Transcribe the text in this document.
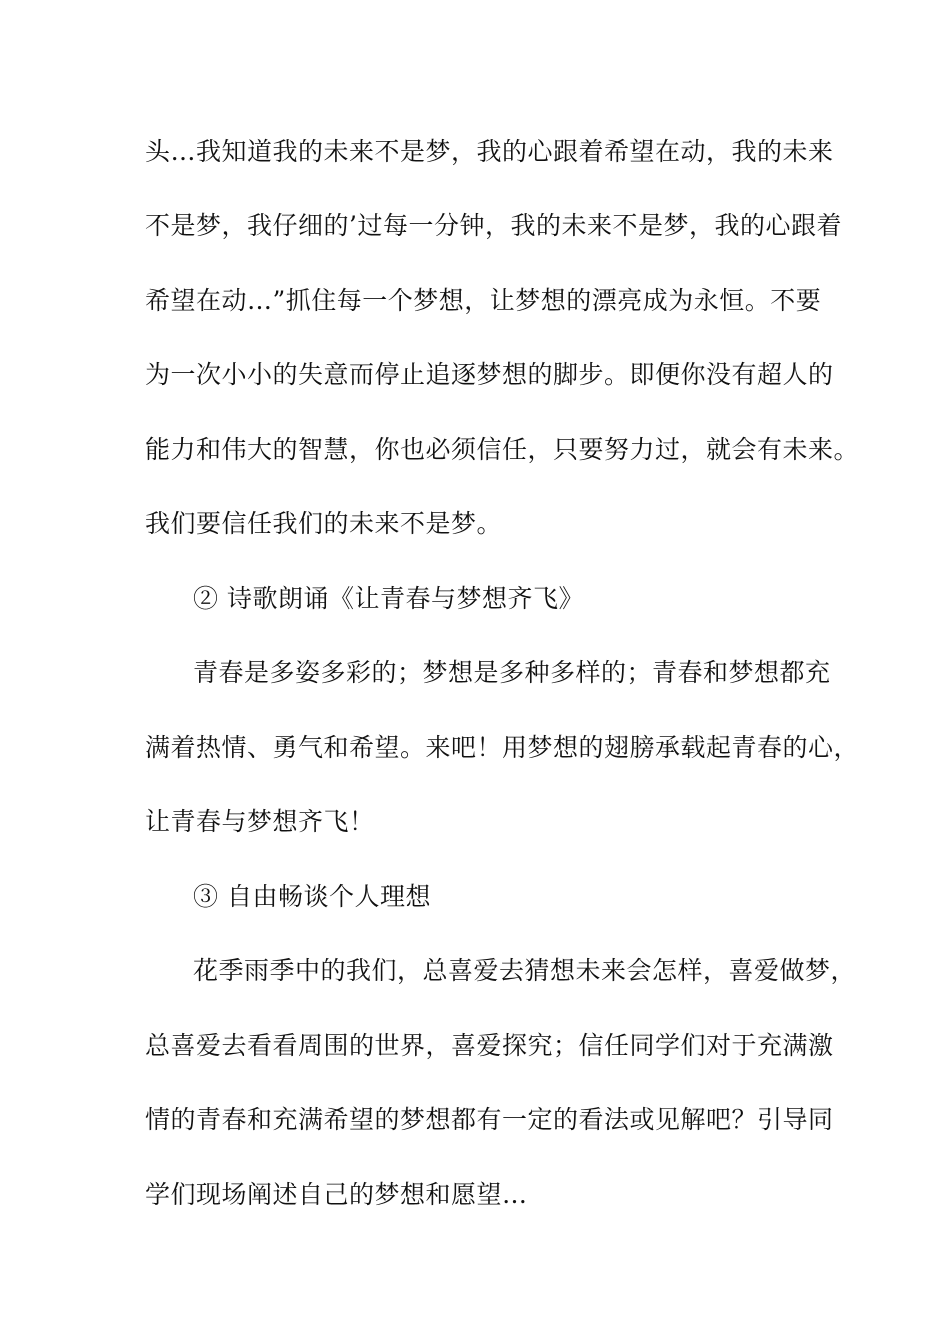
头…我知道我的未来不是梦，我的心跟着希望在动，我的未来
不是梦，我仔细的’过每一分钟，我的未来不是梦，我的心跟着
希望在动…”抓住每一个梦想，让梦想的漂亮成为永恒。不要
为一次小小的失意而停止追逐梦想的脚步。即便你没有超人的
能力和伟大的智慧，你也必须信任，只要努力过，就会有未来。
我们要信任我们的未来不是梦。
② 诗歌朗诵《让青春与梦想齐飞》
青春是多姿多彩的；梦想是多种多样的；青春和梦想都充
满着热情、勇气和希望。来吧！用梦想的翅膀承载起青春的心，
让青春与梦想齐飞！
③ 自由畅谈个人理想
花季雨季中的我们，总喜爱去猜想未来会怎样，喜爱做梦，
总喜爱去看看周围的世界，喜爱探究；信任同学们对于充满激
情的青春和充满希望的梦想都有一定的看法或见解吧？引导同
学们现场阐述自己的梦想和愿望…
